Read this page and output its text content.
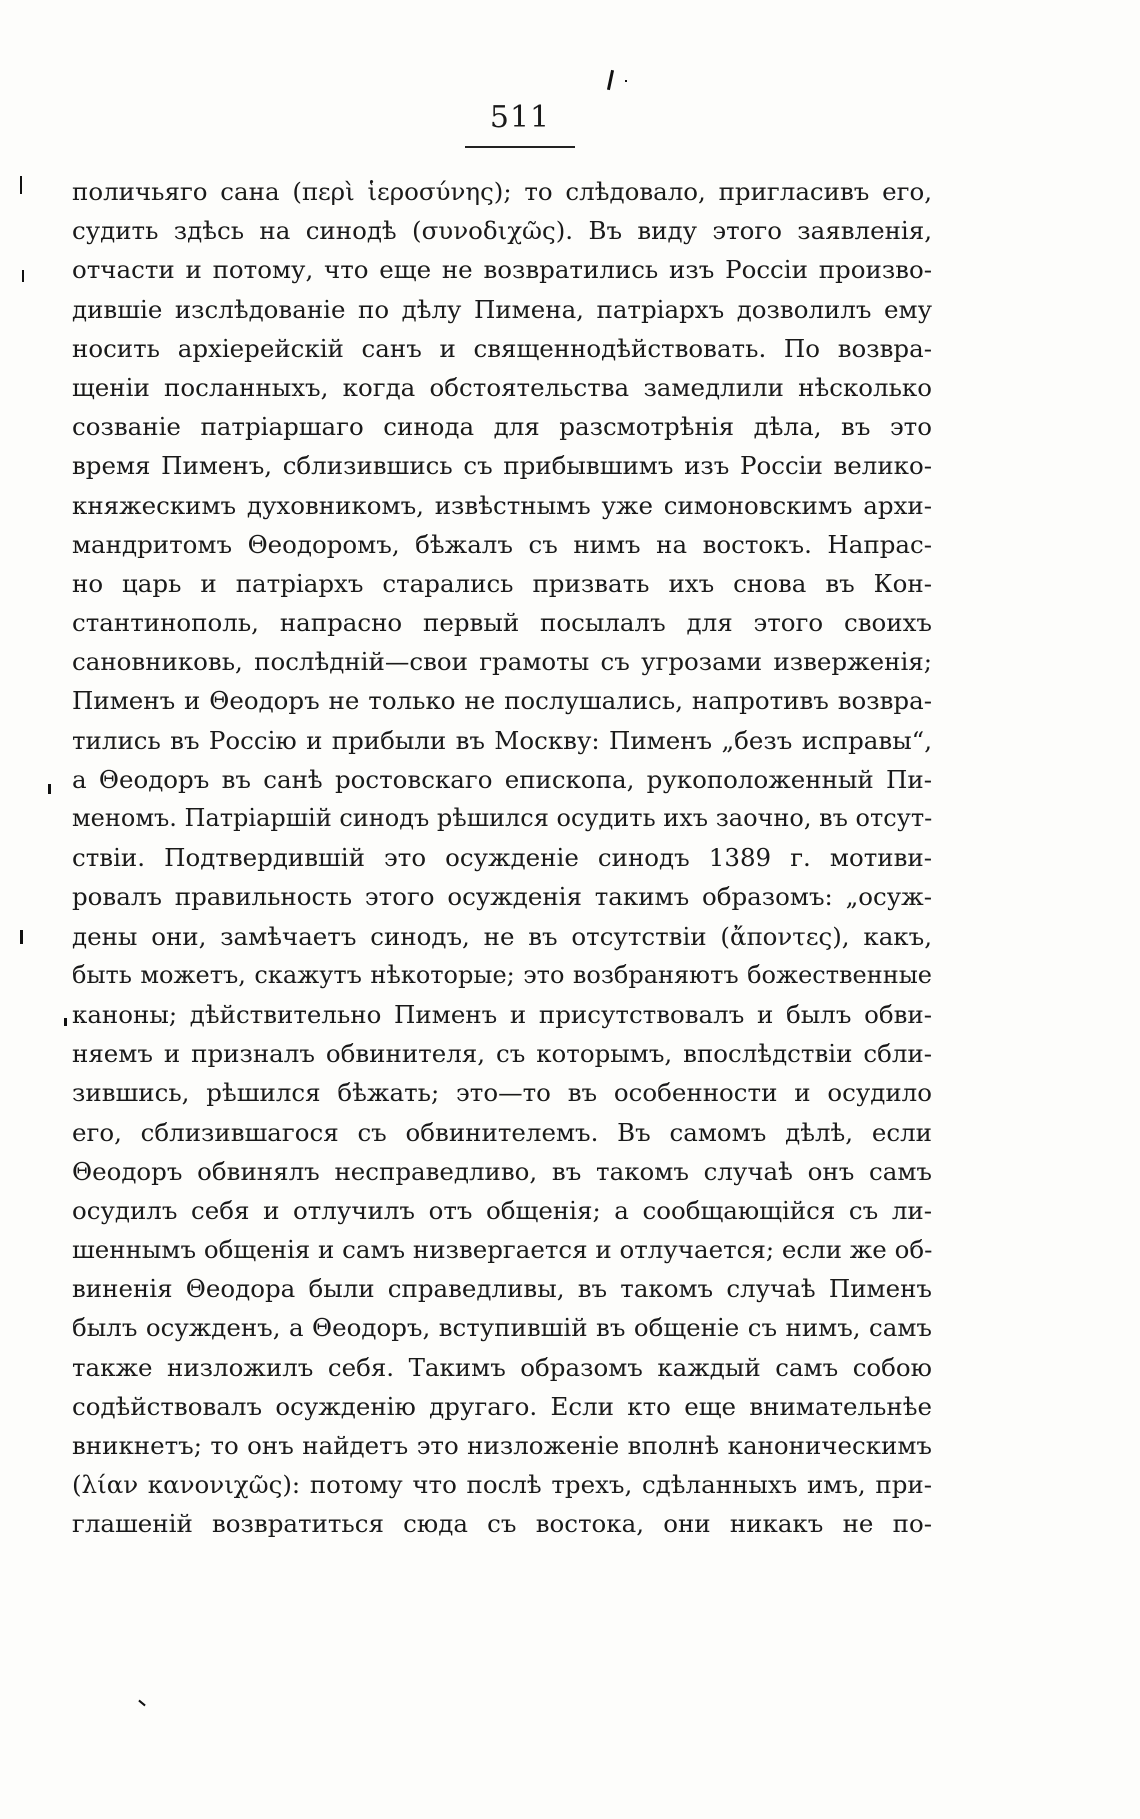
511
поличьяго сана (περὶ ἱεροσύνης); то слѣдовало, пригласивъ его,
судить здѣсь на синодѣ (συνοδιχῶς). Въ виду этого заявленія,
отчасти и потому, что еще не возвратились изъ Россіи произво-
дившіе изслѣдованіе по дѣлу Пимена, патріархъ дозволилъ ему
носить архіерейскій санъ и священнодѣйствовать. По возвра-
щеніи посланныхъ, когда обстоятельства замедлили нѣсколько
созваніе патріаршаго синода для разсмотрѣнія дѣла, въ это
время Пименъ, сблизившись съ прибывшимъ изъ Россіи велико-
княжескимъ духовникомъ, извѣстнымъ уже симоновскимъ архи-
мандритомъ Θеодоромъ, бѣжалъ съ нимъ на востокъ. Напрас-
но царь и патріархъ старались призвать ихъ снова въ Кон-
стантинополь, напрасно первый посылалъ для этого своихъ
сановниковь, послѣдній—свои грамоты съ угрозами изверженія;
Пименъ и Θеодоръ не только не послушались, напротивъ возвра-
тились въ Россію и прибыли въ Москву: Пименъ „безъ исправы“,
а Θеодоръ въ санѣ ростовскаго епископа, рукоположенный Пи-
меномъ. Патріаршій синодъ рѣшился осудить ихъ заочно, въ отсут-
ствіи. Подтвердившій это осужденіе синодъ 1389 г. мотиви-
ровалъ правильность этого осужденія такимъ образомъ: „осуж-
дены они, замѣчаетъ синодъ, не въ отсутствіи (ἄποντες), какъ,
быть можетъ, скажутъ нѣкоторые; это возбраняютъ божественные
каноны; дѣйствительно Пименъ и присутствовалъ и былъ обви-
няемъ и призналъ обвинителя, съ которымъ, впослѣдствіи сбли-
зившись, рѣшился бѣжать; это—то въ особенности и осудило
его, сблизившагося съ обвинителемъ. Въ самомъ дѣлѣ, если
Θеодоръ обвинялъ несправедливо, въ такомъ случаѣ онъ самъ
осудилъ себя и отлучилъ отъ общенія; а сообщающійся съ ли-
шеннымъ общенія и самъ низвергается и отлучается; если же об-
виненія Θеодора были справедливы, въ такомъ случаѣ Пименъ
былъ осужденъ, а Θеодоръ, вступившій въ общеніе съ нимъ, самъ
также низложилъ себя. Такимъ образомъ каждый самъ собою
содѣйствовалъ осужденію другаго. Если кто еще внимательнѣе
вникнетъ; то онъ найдетъ это низложеніе вполнѣ каноническимъ
(λίαν κανονιχῶς): потому что послѣ трехъ, сдѣланныхъ имъ, при-
глашеній возвратиться сюда съ востока, они никакъ не по-
